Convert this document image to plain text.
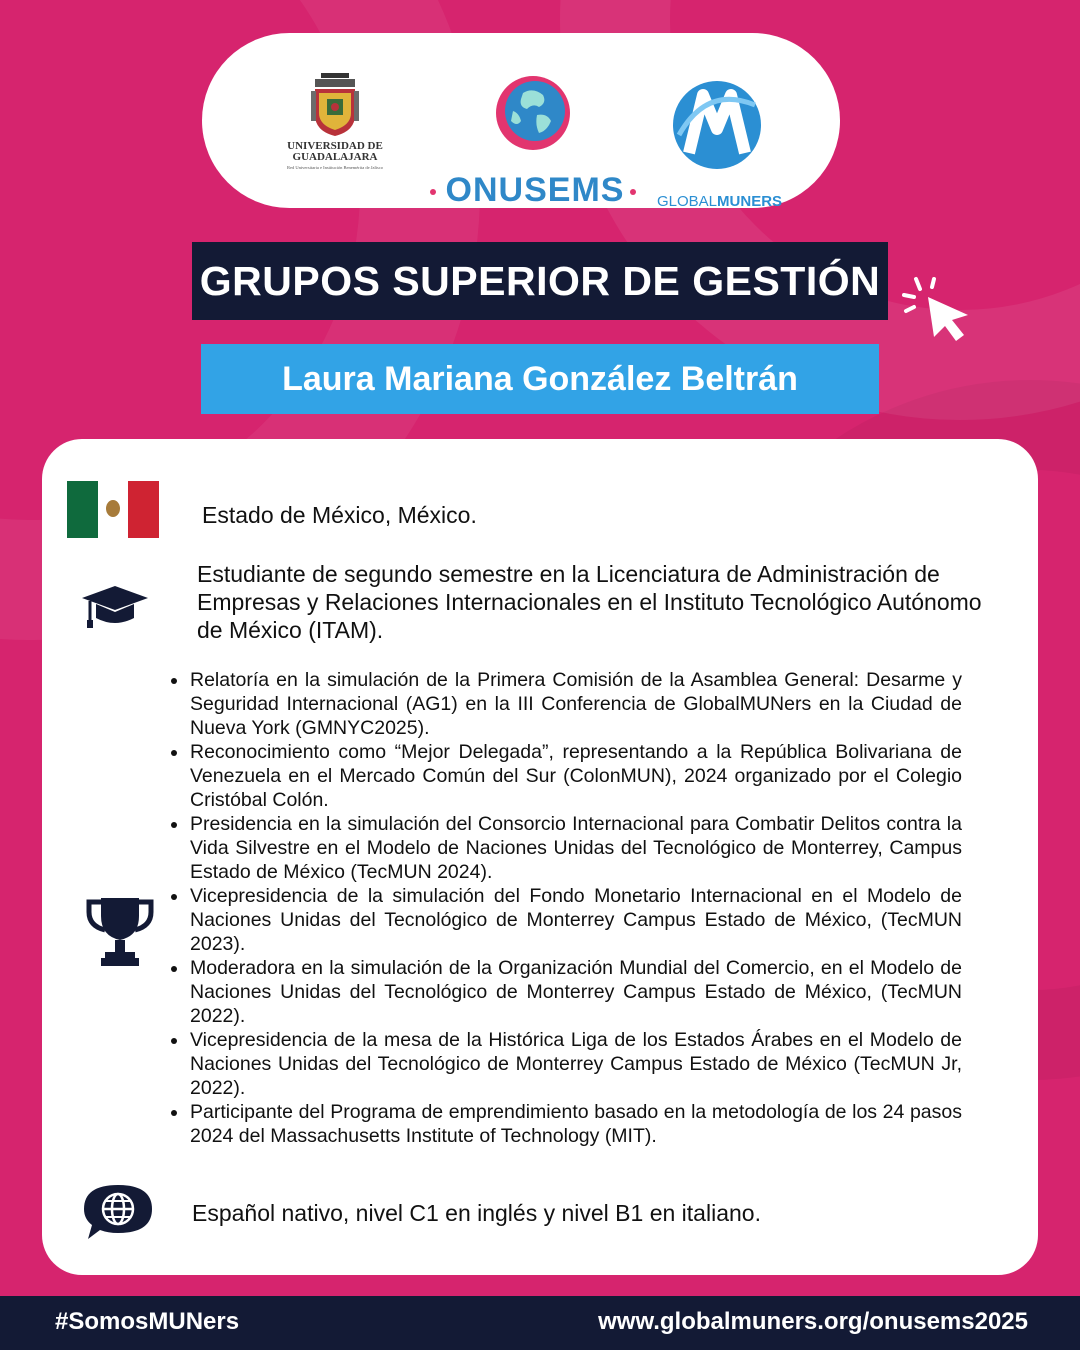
UNIVERSIDAD DE
GUADALAJARA
Red Universitaria e Institución Benemérita de Jalisco
ONUSEMS	GLOBALMUNERS
GRUPOS SUPERIOR DE GESTIÓN
Laura Mariana González Beltrán
Estado de México, México.
Estudiante de segundo semestre en la Licenciatura de Administración de Empresas y Relaciones Internacionales en el Instituto Tecnológico Autónomo de México (ITAM).
Relatoría en la simulación de la Primera Comisión de la Asamblea General: Desarme y Seguridad Internacional (AG1) en la III Conferencia de GlobalMUNers en la Ciudad de Nueva York (GMNYC2025).
Reconocimiento como “Mejor Delegada”, representando a la República Bolivariana de Venezuela en el Mercado Común del Sur (ColonMUN), 2024 organizado por el Colegio Cristóbal Colón.
Presidencia en la simulación del Consorcio Internacional para Combatir Delitos contra la Vida Silvestre en el Modelo de Naciones Unidas del Tecnológico de Monterrey, Campus Estado de México (TecMUN 2024).
Vicepresidencia de la simulación del Fondo Monetario Internacional en el Modelo de Naciones Unidas del Tecnológico de Monterrey Campus Estado de México, (TecMUN 2023).
Moderadora en la simulación de la Organización Mundial del Comercio, en el Modelo de Naciones Unidas del Tecnológico de Monterrey Campus Estado de México, (TecMUN 2022).
Vicepresidencia de la mesa de la Histórica Liga de los Estados Árabes en el Modelo de Naciones Unidas del Tecnológico de Monterrey Campus Estado de México (TecMUN Jr, 2022).
Participante del Programa de emprendimiento basado en la metodología de los 24 pasos 2024 del Massachusetts Institute of Technology (MIT).
Español nativo, nivel C1 en inglés y nivel B1 en italiano.
#SomosMUNers	www.globalmuners.org/onusems2025
